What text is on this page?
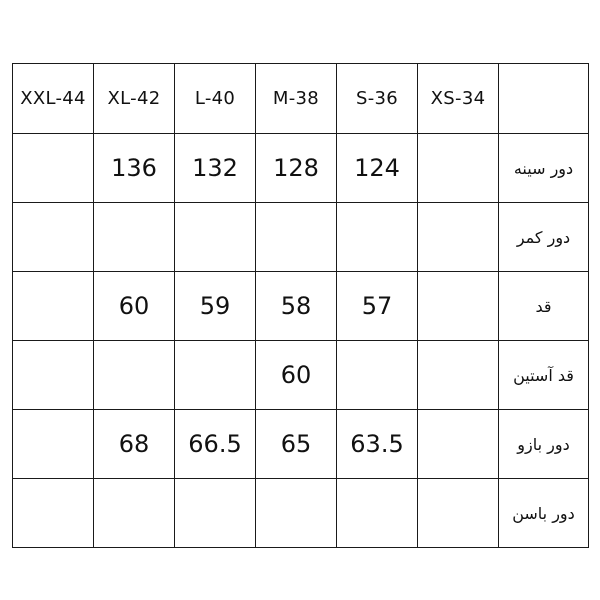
XXL-44	XL-42	L-40	M-38	S-36	XS-34	
	136	132	128	124		دور سینه
						دور کمر
	60	59	58	57		قد
			60			قد آستین
	68	66.5	65	63.5		دور بازو
						دور باسن
